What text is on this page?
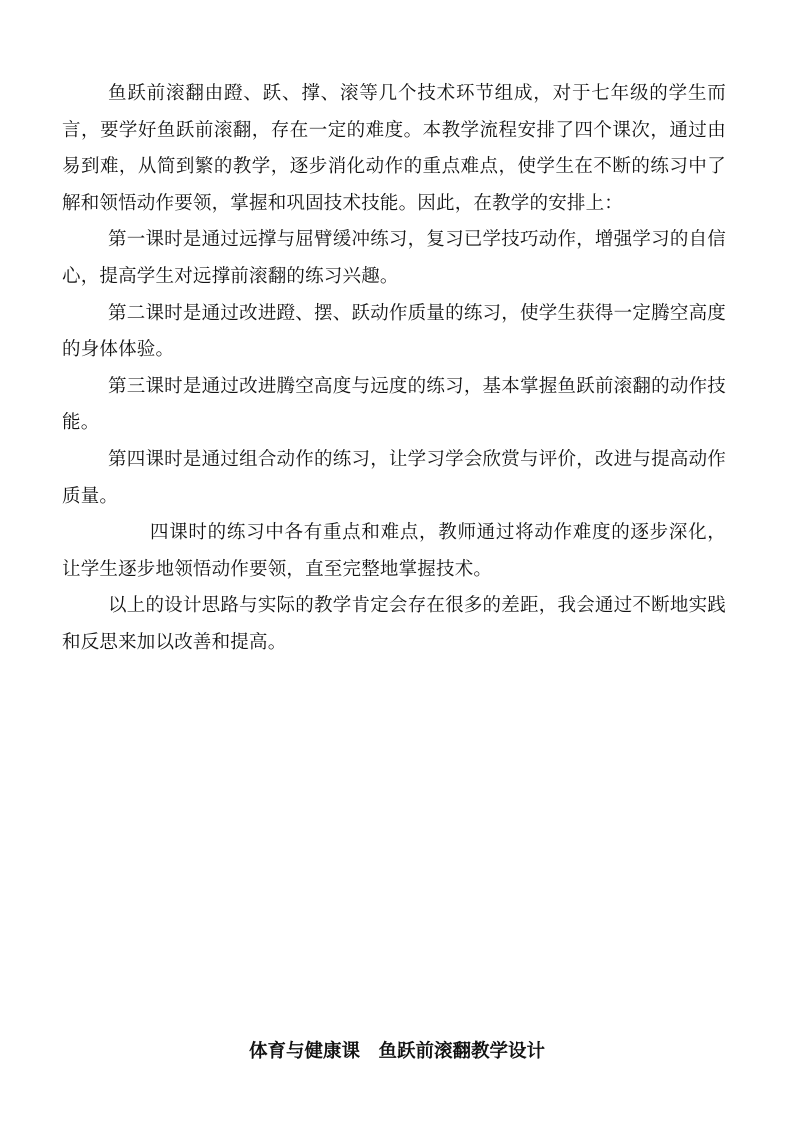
鱼跃前滚翻由蹬、跃、撑、滚等几个技术环节组成，对于七年级的学生而言，要学好鱼跃前滚翻，存在一定的难度。本教学流程安排了四个课次，通过由易到难，从简到繁的教学，逐步消化动作的重点难点，使学生在不断的练习中了解和领悟动作要领，掌握和巩固技术技能。因此，在教学的安排上：

第一课时是通过远撑与屈臂缓冲练习，复习已学技巧动作，增强学习的自信心，提高学生对远撑前滚翻的练习兴趣。

第二课时是通过改进蹬、摆、跃动作质量的练习，使学生获得一定腾空高度的身体体验。

第三课时是通过改进腾空高度与远度的练习，基本掌握鱼跃前滚翻的动作技能。

第四课时是通过组合动作的练习，让学习学会欣赏与评价，改进与提高动作质量。

四课时的练习中各有重点和难点，教师通过将动作难度的逐步深化，让学生逐步地领悟动作要领，直至完整地掌握技术。

以上的设计思路与实际的教学肯定会存在很多的差距，我会通过不断地实践和反思来加以改善和提高。

体育与健康课　鱼跃前滚翻教学设计
